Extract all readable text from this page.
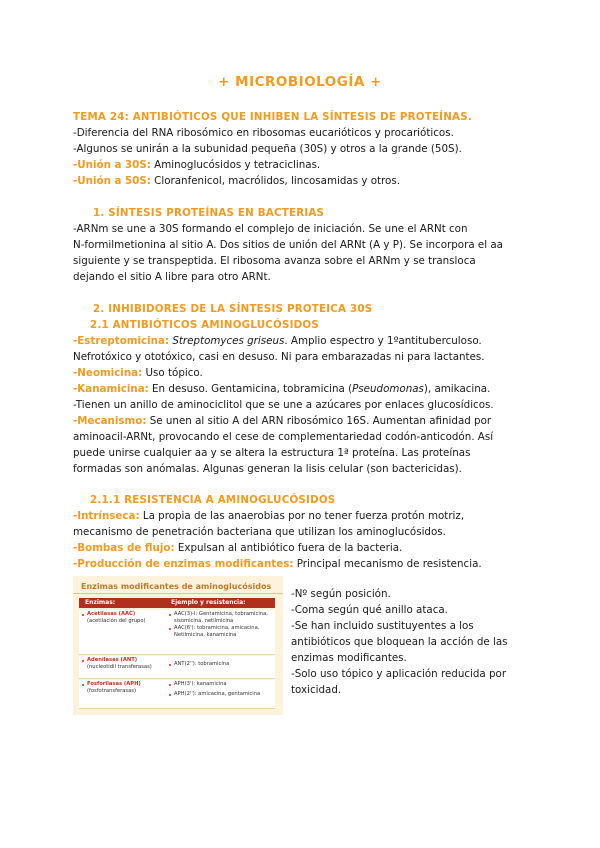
+ MICROBIOLOGÍA +
TEMA 24: ANTIBIÓTICOS QUE INHIBEN LA SÍNTESIS DE PROTEÍNAS.
-Diferencia del RNA ribosómico en ribosomas eucarióticos y procarióticos.
-Algunos se unirán a la subunidad pequeña (30S) y otros a la grande (50S).
-Unión a 30S: Aminoglucósidos y tetraciclinas.
-Unión a 50S: Cloranfenicol, macrólidos, lincosamidas y otros.
1. SÍNTESIS PROTEÍNAS EN BACTERIAS
-ARNm se une a 30S formando el complejo de iniciación. Se une el ARNt con
N-formilmetionina al sitio A. Dos sitios de unión del ARNt (A y P). Se incorpora el aa
siguiente y se transpeptida. El ribosoma avanza sobre el ARNm y se transloca
dejando el sitio A libre para otro ARNt.
2. INHIBIDORES DE LA SÍNTESIS PROTEICA 30S
2.1 ANTIBIÓTICOS AMINOGLUCÓSIDOS
-Estreptomicina: Streptomyces griseus. Amplio espectro y 1ºantituberculoso.
Nefrotóxico y ototóxico, casi en desuso. Ni para embarazadas ni para lactantes.
-Neomicina: Uso tópico.
-Kanamicina: En desuso. Gentamicina, tobramicina (Pseudomonas), amikacina.
-Tienen un anillo de aminociclitol que se une a azúcares por enlaces glucosídicos.
-Mecanismo: Se unen al sitio A del ARN ribosómico 16S. Aumentan afinidad por
aminoacil-ARNt, provocando el cese de complementariedad codón-anticodón. Así
puede unirse cualquier aa y se altera la estructura 1ª proteína. Las proteínas
formadas son anómalas. Algunas generan la lisis celular (son bactericidas).
2.1.1 RESISTENCIA A AMINOGLUCÓSIDOS
-Intrínseca: La propia de las anaerobias por no tener fuerza protón motriz,
mecanismo de penetración bacteriana que utilizan los aminoglucósidos.
-Bombas de flujo: Expulsan al antibiótico fuera de la bacteria.
-Producción de enzimas modificantes: Principal mecanismo de resistencia.
Enzimas modificantes de aminoglucósidos
Enzimas:	Ejemplo y resistencia:
Acetilasas (AAC)
(acetilación del grupo)
AAC(3)-I: Gentamicina, tobramicina,
sisomicina, netilmicina
AAC(6'): tobramicina, amicacina,
Netilmicina, kanamicina
Adenilasas (ANT)
(nucleotidil transferasas)	ANT(2''): tobramicina
Fosforilasas (APH)
(fosfotransferasas)
APH(3'): kanamicina
APH(2''): amicacina, gentamicina
-Nº según posición.
-Coma según qué anillo ataca.
-Se han incluido sustituyentes a los
antibióticos que bloquean la acción de las
enzimas modificantes.
-Solo uso tópico y aplicación reducida por
toxicidad.
